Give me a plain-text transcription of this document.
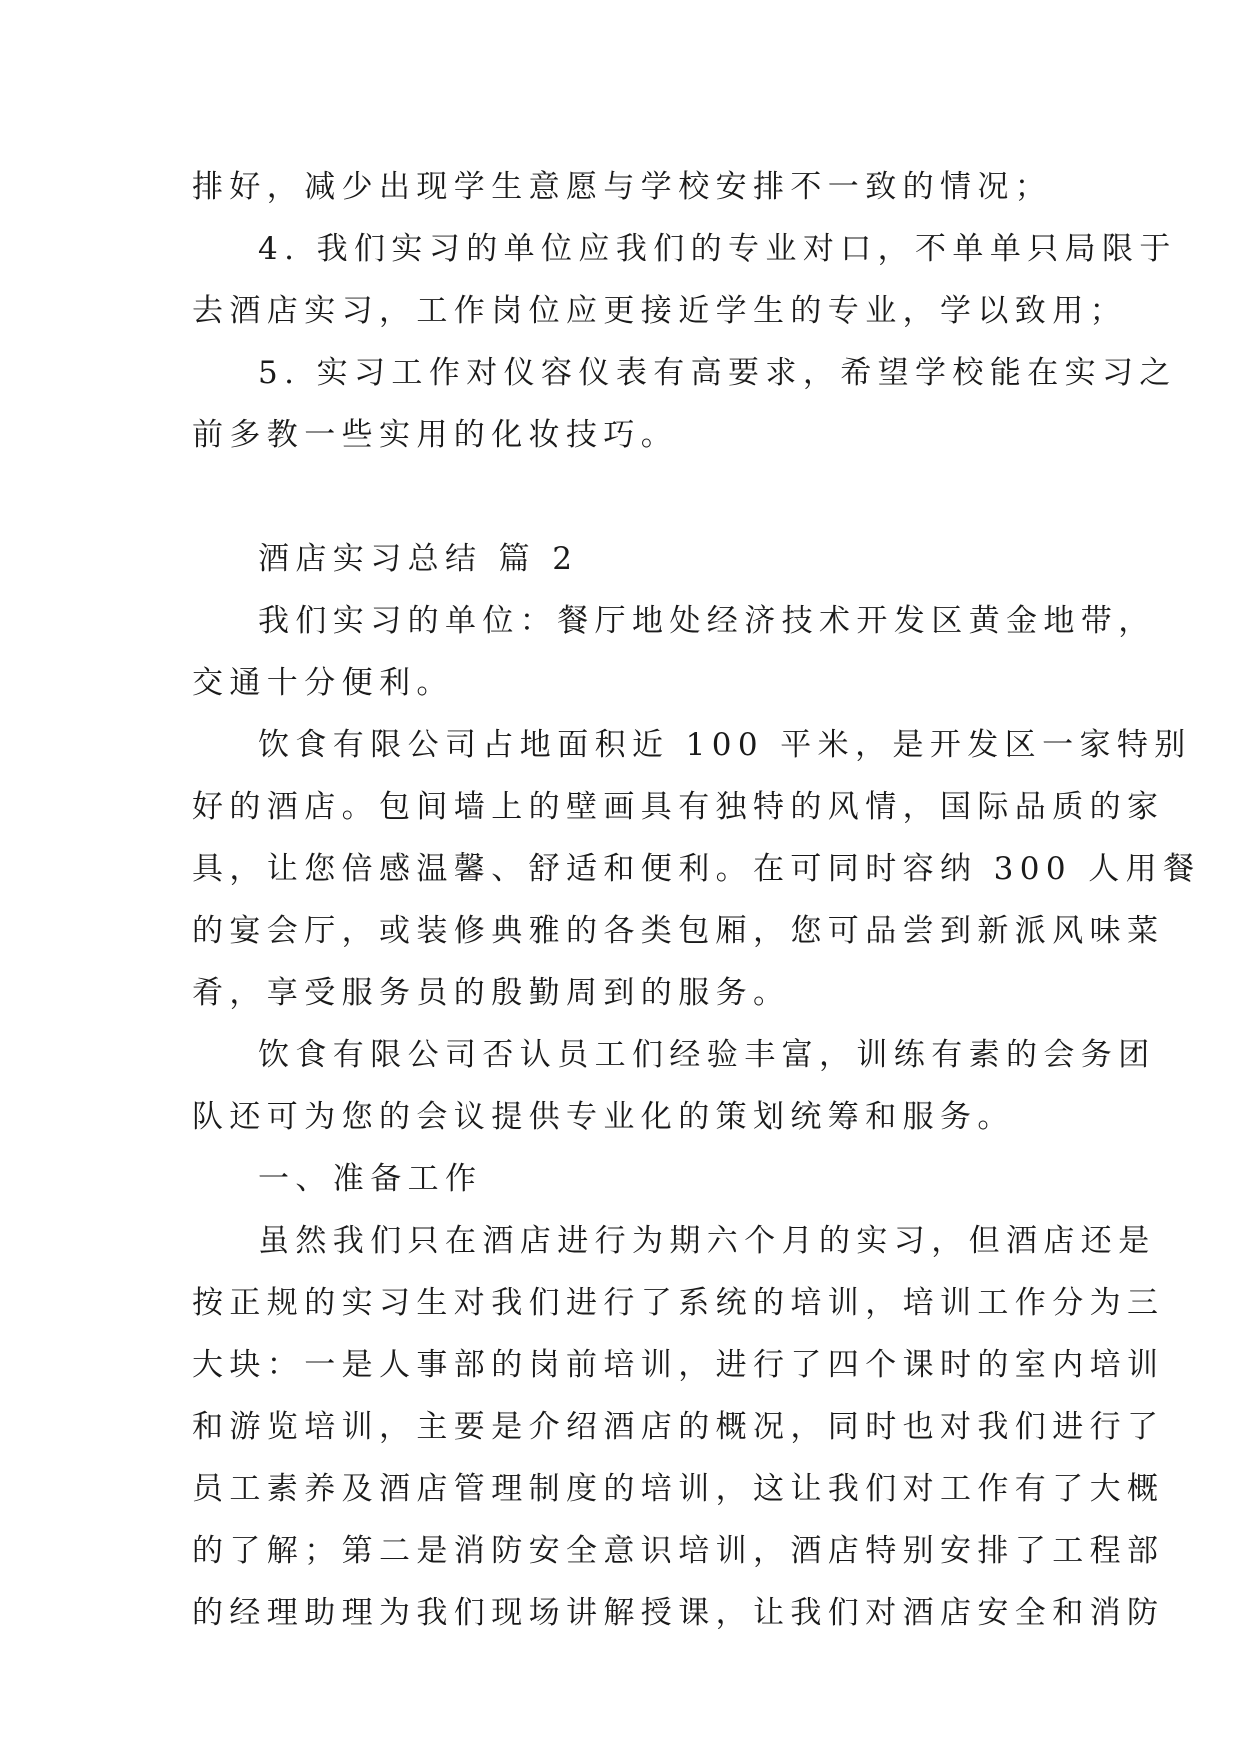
排好，减少出现学生意愿与学校安排不一致的情况；
4. 我们实习的单位应我们的专业对口，不单单只局限于
去酒店实习，工作岗位应更接近学生的专业，学以致用；
5. 实习工作对仪容仪表有高要求，希望学校能在实习之
前多教一些实用的化妆技巧。
酒店实习总结 篇 2
我们实习的单位：餐厅地处经济技术开发区黄金地带，
交通十分便利。
饮食有限公司占地面积近 100 平米，是开发区一家特别
好的酒店。包间墙上的壁画具有独特的风情，国际品质的家
具，让您倍感温馨、舒适和便利。在可同时容纳 300 人用餐
的宴会厅，或装修典雅的各类包厢，您可品尝到新派风味菜
肴，享受服务员的殷勤周到的服务。
饮食有限公司否认员工们经验丰富，训练有素的会务团
队还可为您的会议提供专业化的策划统筹和服务。
一、准备工作
虽然我们只在酒店进行为期六个月的实习，但酒店还是
按正规的实习生对我们进行了系统的培训，培训工作分为三
大块：一是人事部的岗前培训，进行了四个课时的室内培训
和游览培训，主要是介绍酒店的概况，同时也对我们进行了
员工素养及酒店管理制度的培训，这让我们对工作有了大概
的了解；第二是消防安全意识培训，酒店特别安排了工程部
的经理助理为我们现场讲解授课，让我们对酒店安全和消防
